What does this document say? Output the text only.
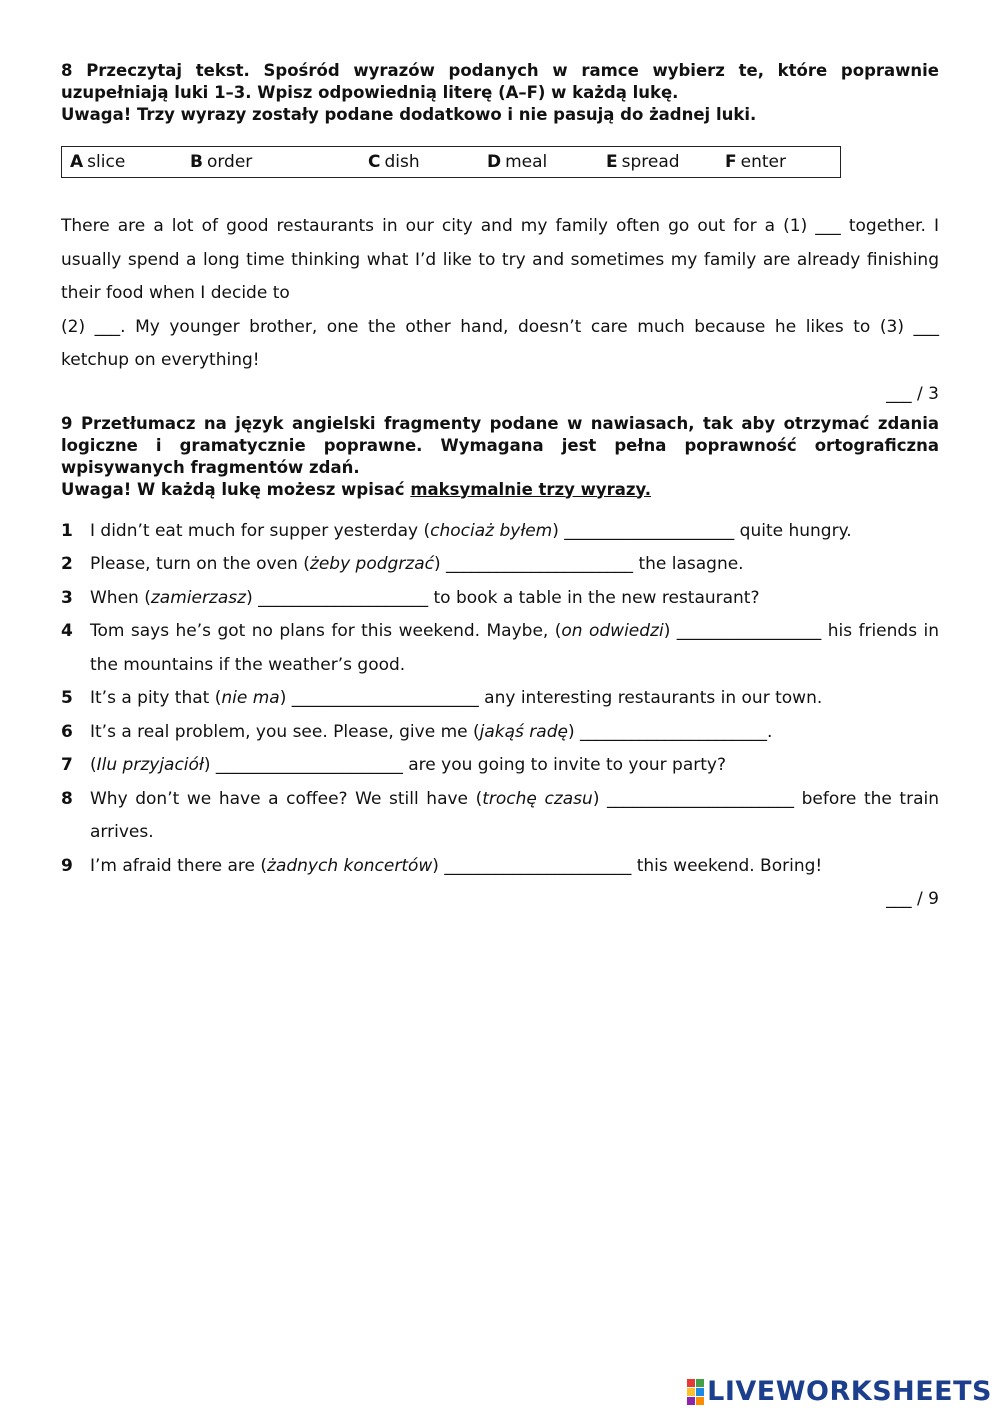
8 Przeczytaj tekst. Spośród wyrazów podanych w ramce wybierz te, które poprawnie uzupełniają luki 1–3. Wpisz odpowiednią literę (A–F) w każdą lukę.

Uwaga! Trzy wyrazy zostały podane dodatkowo i nie pasują do żadnej luki.

A slice	B order	C dish	D meal	E spread	F enter

There are a lot of good restaurants in our city and my family often go out for a (1) ___ together. I usually spend a long time thinking what I’d like to try and sometimes my family are already finishing their food when I decide to

(2) ___. My younger brother, one the other hand, doesn’t care much because he likes to (3) ___ ketchup on everything!

___ / 3

9 Przetłumacz na język angielski fragmenty podane w nawiasach, tak aby otrzymać zdania logiczne i gramatycznie poprawne. Wymagana jest pełna poprawność ortograficzna wpisywanych fragmentów zdań.

Uwaga! W każdą lukę możesz wpisać maksymalnie trzy wyrazy.

1	I didn’t eat much for supper yesterday (chociaż byłem) ____________________ quite hungry.
2	Please, turn on the oven (żeby podgrzać) ______________________ the lasagne.
3	When (zamierzasz) ____________________ to book a table in the new restaurant?
4	Tom says he’s got no plans for this weekend. Maybe, (on odwiedzi) _________________ his friends in the mountains if the weather’s good.
5	It’s a pity that (nie ma) ______________________ any interesting restaurants in our town.
6	It’s a real problem, you see. Please, give me (jakąś radę) ______________________.
7	(Ilu przyjaciół) ______________________ are you going to invite to your party?
8	Why don’t we have a coffee? We still have (trochę czasu) ______________________ before the train arrives.
9	I’m afraid there are (żadnych koncertów) ______________________ this weekend. Boring!
___ / 9
LIVEWORKSHEETS
